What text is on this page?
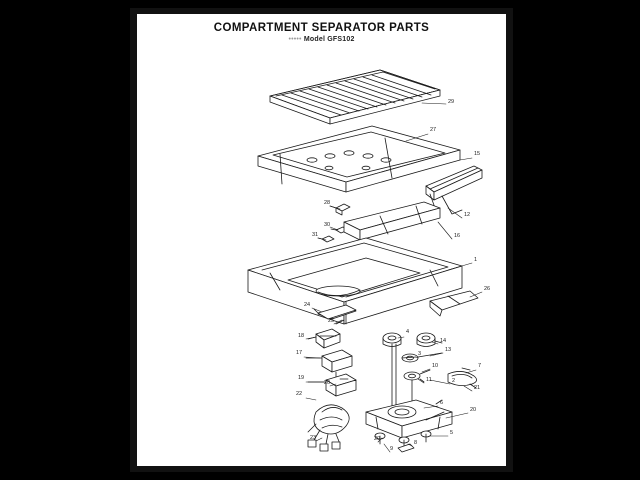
COMPARTMENT SEPARATOR PARTS
••••• Model GFS102
29
27
15
12
28
30
16
1
26
31
24
25
14
4
18
13
3
7
17
10
11	2
21
19
20
22
6
20
5
8
20
23
9
